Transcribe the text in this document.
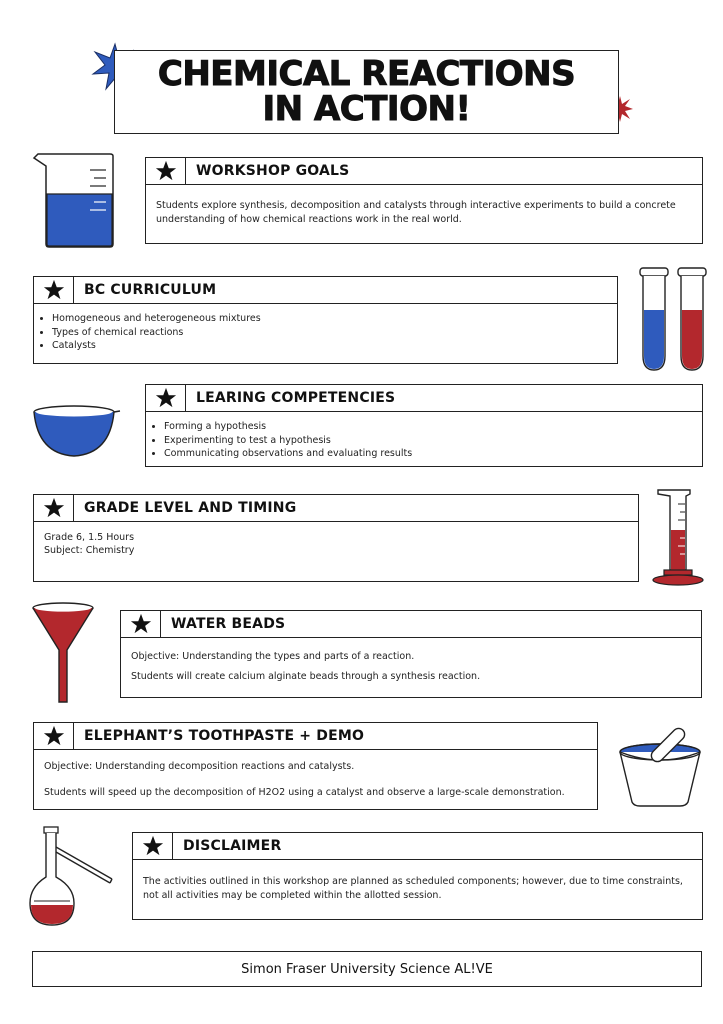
CHEMICAL REACTIONS
IN ACTION!
WORKSHOP GOALS

Students explore synthesis, decomposition and catalysts through interactive experiments to build a concrete understanding of how chemical reactions work in the real world.

BC CURRICULUM
• Homogeneous and heterogeneous mixtures
• Types of chemical reactions
• Catalysts
LEARING COMPETENCIES
• Forming a hypothesis
• Experimenting to test a hypothesis
• Communicating observations and evaluating results
GRADE LEVEL AND TIMING

Grade 6, 1.5 Hours

Subject: Chemistry

WATER BEADS

Objective: Understanding the types and parts of a reaction.

Students will create calcium alginate beads through a synthesis reaction.

ELEPHANT’S TOOTHPASTE + DEMO

Objective: Understanding decomposition reactions and catalysts.

Students will speed up the decomposition of H2O2 using a catalyst and observe a large-scale demonstration.

DISCLAIMER

The activities outlined in this workshop are planned as scheduled components; however, due to time constraints, not all activities may be completed within the allotted session.

Simon Fraser University Science AL!VE
